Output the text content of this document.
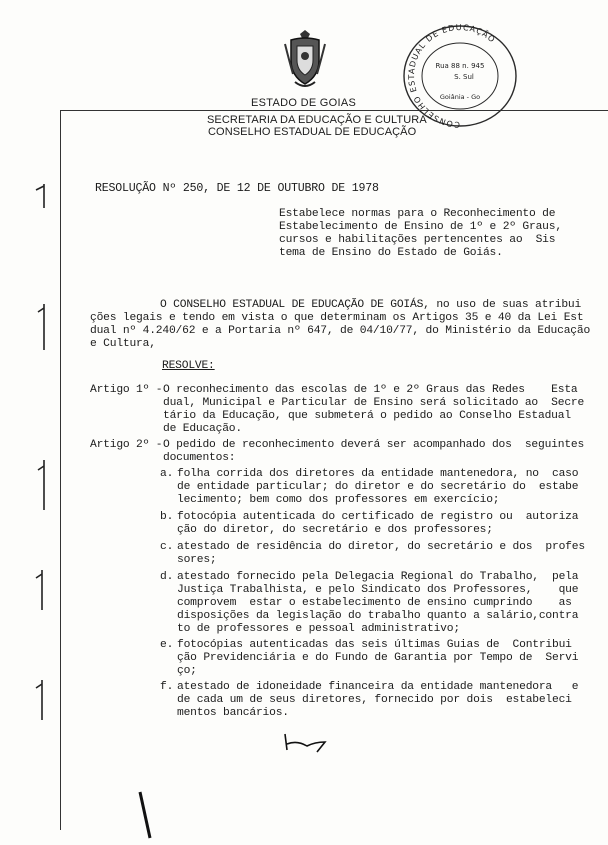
ESTADO DE GOIAS
SECRETARIA DA EDUCAÇÃO E CULTURA
CONSELHO ESTADUAL DE EDUCAÇÃO
CONSELHO ESTADUAL DE EDUCAÇÃO
Rua 88 n. 945
S. Sul
Goiânia - Go
RESOLUÇÃO Nº 250, DE 12 DE OUTUBRO DE 1978
Estabelece normas para o Reconhecimento de
Estabelecimento de Ensino de 1º e 2º Graus,
cursos e habilitações pertencentes ao  Sis
tema de Ensino do Estado de Goiás.
O CONSELHO ESTADUAL DE EDUCAÇÃO DE GOIÁS, no uso de suas atribui
ções legais e tendo em vista o que determinam os Artigos 35 e 40 da Lei Est
dual nº 4.240/62 e a Portaria nº 647, de 04/10/77, do Ministério da Educação
e Cultura,
RESOLVE:
Artigo 1º - O reconhecimento das escolas de 1º e 2º Graus das Redes    Esta
dual, Municipal e Particular de Ensino será solicitado ao  Secre
tário da Educação, que submeterá o pedido ao Conselho Estadual
de Educação.
Artigo 2º - O pedido de reconhecimento deverá ser acompanhado dos  seguintes
documentos:
a. folha corrida dos diretores da entidade mantenedora, no  caso
de entidade particular; do diretor e do secretário do  estabe
lecimento; bem como dos professores em exercício;
b. fotocópia autenticada do certificado de registro ou  autoriza
ção do diretor, do secretário e dos professores;
c. atestado de residência do diretor, do secretário e dos  profes
sores;
d. atestado fornecido pela Delegacia Regional do Trabalho,  pela
Justiça Trabalhista, e pelo Sindicato dos Professores,    que
comprovem  estar o estabelecimento de ensino cumprindo    as
disposições da legislação do trabalho quanto a salário,contra
to de professores e pessoal administrativo;
e. fotocópias autenticadas das seis últimas Guias de  Contribui
ção Previdenciária e do Fundo de Garantia por Tempo de  Servi
ço;
f. atestado de idoneidade financeira da entidade mantenedora   e
de cada um de seus diretores, fornecido por dois  estabeleci
mentos bancários.
